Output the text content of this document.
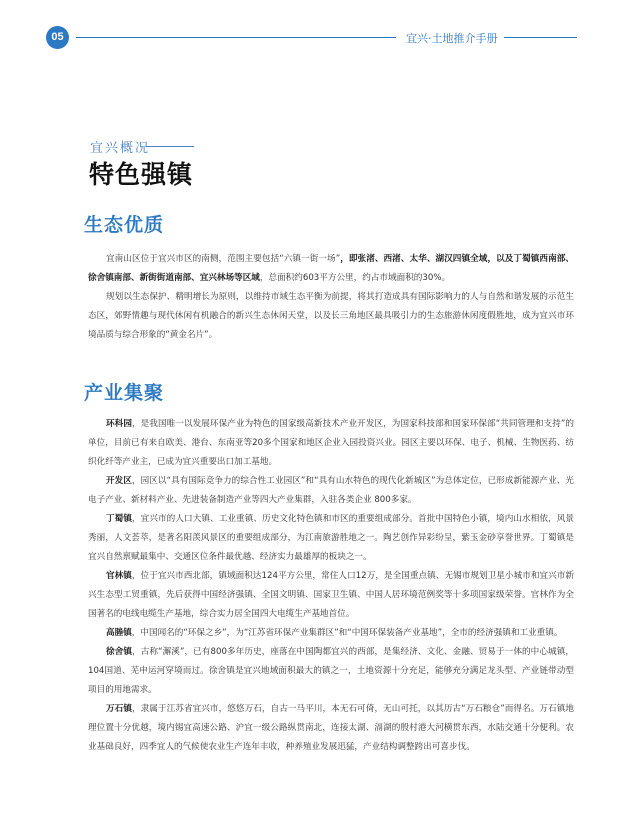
05	宜兴·土地推介手册
宜兴概况
特色强镇
生态优质

宜南山区位于宜兴市区的南侧，范围主要包括“六镇一街一场”，即张渚、西渚、太华、湖汉四镇全域，以及丁蜀镇西南部、徐舍镇南部、新街街道南部、宜兴林场等区域，总面积约603平方公里，约占市域面积的30%。

规划以生态保护、精明增长为原则，以维持市域生态平衡为前提，将其打造成具有国际影响力的人与自然和谐发展的示范生态区，郊野情趣与现代休闲有机融合的新兴生态休闲天堂，以及长三角地区最具吸引力的生态旅游休闲度假胜地，成为宜兴市环境品质与综合形象的“黄金名片”。

产业集聚

环科园，是我国唯一以发展环保产业为特色的国家级高新技术产业开发区，为国家科技部和国家环保部“共同管理和支持”的单位，目前已有来自欧美、港台、东南亚等20多个国家和地区企业入园投资兴业。园区主要以环保、电子、机械、生物医药、纺织化纤等产业主，已成为宜兴重要出口加工基地。

开发区，园区以“具有国际竞争力的综合性工业园区”和“具有山水特色的现代化新城区”为总体定位，已形成新能源产业、光电子产业、新材料产业、先进装备制造产业等四大产业集群，入驻各类企业 800多家。

丁蜀镇，宜兴市的人口大镇、工业重镇、历史文化特色镇和市区的重要组成部分。首批中国特色小镇，境内山水相依，风景秀丽，人文荟萃，是著名阳羡风景区的重要组成部分，为江南旅游胜地之一。陶艺创作异彩纷呈，紫玉金砂享誉世界。丁蜀镇是宜兴自然禀赋最集中、交通区位条件最优越、经济实力最雄厚的板块之一。

官林镇，位于宜兴市西北部，镇域面积达124平方公里，常住人口12万，是全国重点镇、无锡市规划卫星小城市和宜兴市新兴生态型工贸重镇，先后获得中国经济强镇、全国文明镇、国家卫生镇、中国人居环境范例奖等十多项国家级荣誉。官林作为全国著名的电线电缆生产基地，综合实力居全国四大电缆生产基地首位。

高塍镇，中国闻名的“环保之乡”，为“江苏省环保产业集群区”和“中国环保装备产业基地”，全市的经济强镇和工业重镇。

徐舍镇，古称“澥溪”，已有800多年历史，座落在中国陶都宜兴的西部，是集经济、文化、金融、贸易于一体的中心城镇，104国道、芜申运河穿境而过。徐舍镇是宜兴地域面积最大的镇之一，土地资源十分充足，能够充分满足龙头型、产业链带动型项目的用地需求。

万石镇，隶属于江苏省宜兴市，悠悠万石，自古一马平川，本无石可倚，无山可托，以其历古“万石粮仓”而得名。万石镇地理位置十分优越，境内锡宜高速公路、沪宜一级公路纵贯南北，连接太湖、滆湖的殷村港大河横贯东西，水陆交通十分便利。农业基础良好，四季宜人的气候使农业生产连年丰收，种养殖业发展迅猛，产业结构调整跨出可喜步伐。
